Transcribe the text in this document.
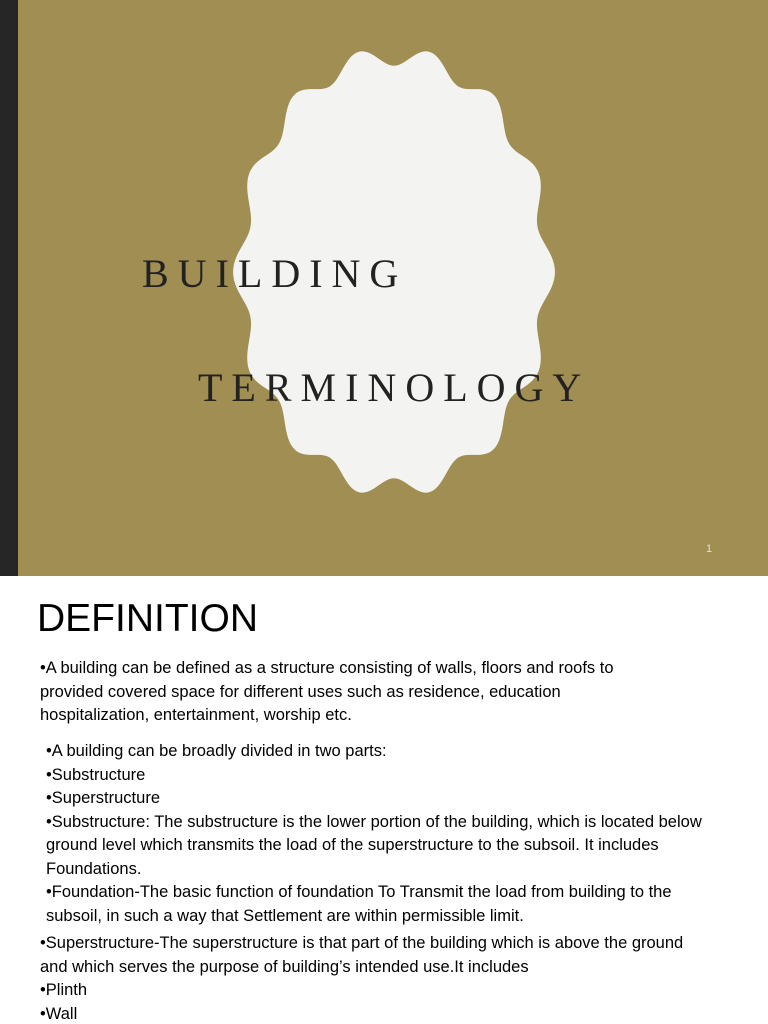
BUILDING
TERMINOLOGY
1
DEFINITION
•A building can be defined as a structure consisting of walls, floors and roofs to
provided covered space for different uses such as residence, education
hospitalization, entertainment, worship etc.
•A building can be broadly divided in two parts:
•Substructure
•Superstructure
•Substructure: The substructure is the lower portion of the building, which is located below
ground level which transmits the load of the superstructure to the subsoil. It includes
Foundations.
•Foundation-The basic function of foundation To Transmit the load from building to the
subsoil, in such a way that Settlement are within permissible limit.
•Superstructure-The superstructure is that part of the building which is above the ground
and which serves the purpose of building’s intended use.It includes
•Plinth
•Wall
